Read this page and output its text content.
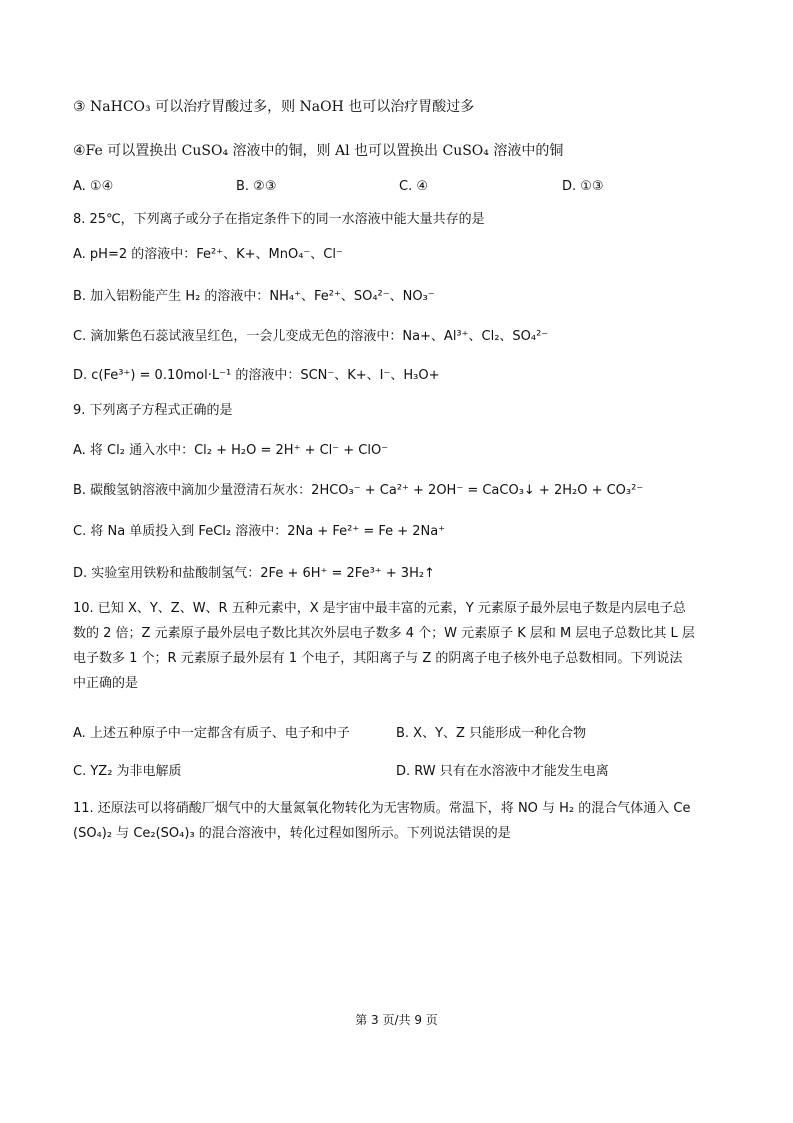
③ NaHCO₃ 可以治疗胃酸过多，则 NaOH 也可以治疗胃酸过多
④Fe 可以置换出 CuSO₄ 溶液中的铜，则 Al 也可以置换出 CuSO₄ 溶液中的铜
A. ①④	B. ②③	C. ④	D. ①③
8. 25℃，下列离子或分子在指定条件下的同一水溶液中能大量共存的是
A. pH=2 的溶液中：Fe²⁺、K+、MnO₄⁻、Cl⁻
B. 加入铝粉能产生 H₂ 的溶液中：NH₄⁺、Fe²⁺、SO₄²⁻、NO₃⁻
C. 滴加紫色石蕊试液呈红色，一会儿变成无色的溶液中：Na+、Al³⁺、Cl₂、SO₄²⁻
D. c(Fe³⁺) = 0.10mol·L⁻¹ 的溶液中：SCN⁻、K+、I⁻、H₃O+
9. 下列离子方程式正确的是
A. 将 Cl₂ 通入水中：Cl₂ + H₂O = 2H⁺ + Cl⁻ + ClO⁻
B. 碳酸氢钠溶液中滴加少量澄清石灰水：2HCO₃⁻ + Ca²⁺ + 2OH⁻ = CaCO₃↓ + 2H₂O + CO₃²⁻
C. 将 Na 单质投入到 FeCl₂ 溶液中：2Na + Fe²⁺ = Fe + 2Na⁺
D. 实验室用铁粉和盐酸制氢气：2Fe + 6H⁺ = 2Fe³⁺ + 3H₂↑
10. 已知 X、Y、Z、W、R 五种元素中，X 是宇宙中最丰富的元素，Y 元素原子最外层电子数是内层电子总
数的 2 倍；Z 元素原子最外层电子数比其次外层电子数多 4 个；W 元素原子 K 层和 M 层电子总数比其 L 层
电子数多 1 个；R 元素原子最外层有 1 个电子，其阳离子与 Z 的阴离子电子核外电子总数相同。下列说法
中正确的是
A. 上述五种原子中一定都含有质子、电子和中子	B. X、Y、Z 只能形成一种化合物
C. YZ₂ 为非电解质	D. RW 只有在水溶液中才能发生电离
11. 还原法可以将硝酸厂烟气中的大量氮氧化物转化为无害物质。常温下，将 NO 与 H₂ 的混合气体通入 Ce
(SO₄)₂ 与 Ce₂(SO₄)₃ 的混合溶液中，转化过程如图所示。下列说法错误的是
第 3 页/共 9 页
